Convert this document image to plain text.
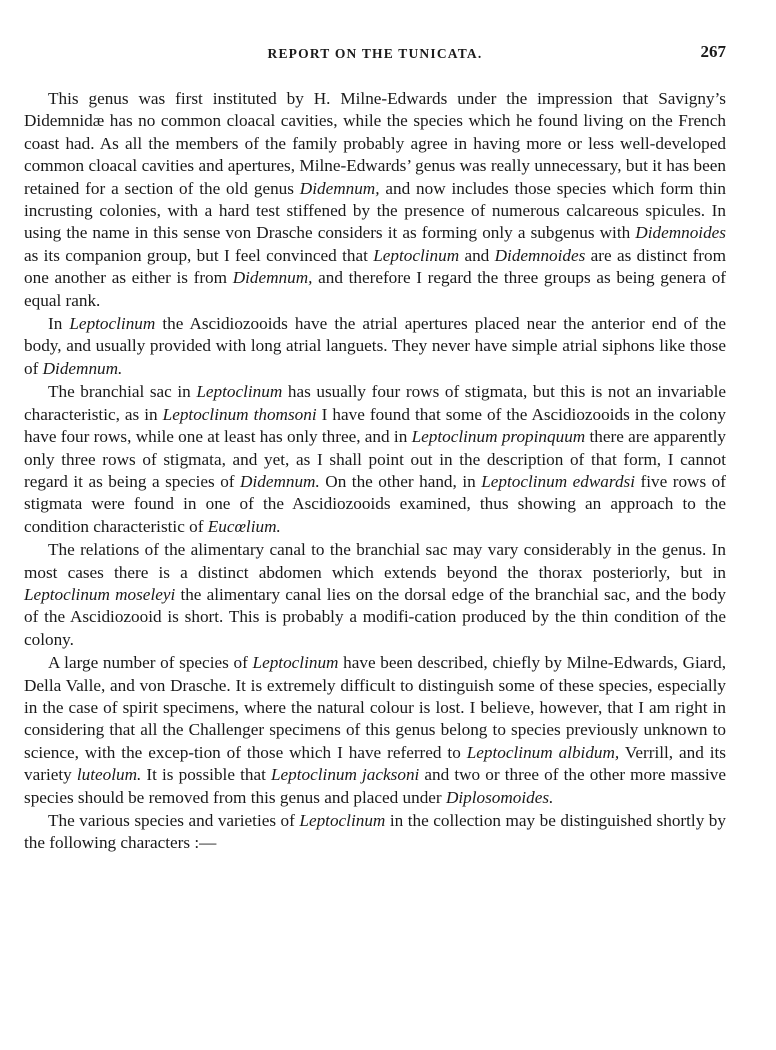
REPORT ON THE TUNICATA.	267

This genus was first instituted by H. Milne-Edwards under the impression that Savigny’s Didemnidæ has no common cloacal cavities, while the species which he found living on the French coast had. As all the members of the family probably agree in having more or less well-developed common cloacal cavities and apertures, Milne-Edwards’ genus was really unnecessary, but it has been retained for a section of the old genus Didemnum, and now includes those species which form thin incrusting colonies, with a hard test stiffened by the presence of numerous calcareous spicules. In using the name in this sense von Drasche considers it as forming only a subgenus with Didemnoides as its companion group, but I feel convinced that Leptoclinum and Didemnoides are as distinct from one another as either is from Didemnum, and therefore I regard the three groups as being genera of equal rank.

In Leptoclinum the Ascidiozooids have the atrial apertures placed near the anterior end of the body, and usually provided with long atrial languets. They never have simple atrial siphons like those of Didemnum.

The branchial sac in Leptoclinum has usually four rows of stigmata, but this is not an invariable characteristic, as in Leptoclinum thomsoni I have found that some of the Ascidiozooids in the colony have four rows, while one at least has only three, and in Leptoclinum propinquum there are apparently only three rows of stigmata, and yet, as I shall point out in the description of that form, I cannot regard it as being a species of Didemnum. On the other hand, in Leptoclinum edwardsi five rows of stigmata were found in one of the Ascidiozooids examined, thus showing an approach to the condition characteristic of Eucœlium.

The relations of the alimentary canal to the branchial sac may vary considerably in the genus. In most cases there is a distinct abdomen which extends beyond the thorax posteriorly, but in Leptoclinum moseleyi the alimentary canal lies on the dorsal edge of the branchial sac, and the body of the Ascidiozooid is short. This is probably a modifi-cation produced by the thin condition of the colony.

A large number of species of Leptoclinum have been described, chiefly by Milne-Edwards, Giard, Della Valle, and von Drasche. It is extremely difficult to distinguish some of these species, especially in the case of spirit specimens, where the natural colour is lost. I believe, however, that I am right in considering that all the Challenger specimens of this genus belong to species previously unknown to science, with the excep-tion of those which I have referred to Leptoclinum albidum, Verrill, and its variety luteolum. It is possible that Leptoclinum jacksoni and two or three of the other more massive species should be removed from this genus and placed under Diplosomoides.

The various species and varieties of Leptoclinum in the collection may be distinguished shortly by the following characters :—
